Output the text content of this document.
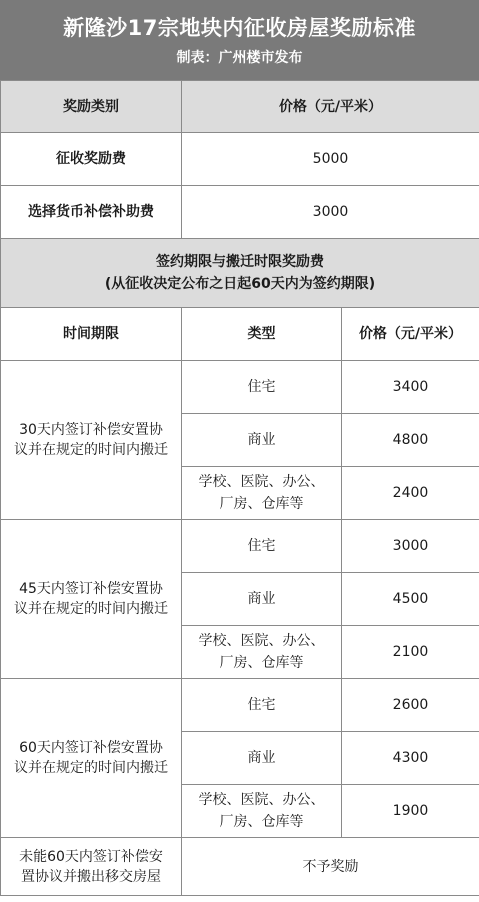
新隆沙17宗地块内征收房屋奖励标准
制表：广州楼市发布
奖励类别	价格（元/平米）	
征收奖励费	5000	
选择货币补偿补助费	3000	

签约期限与搬迁时限奖励费
(从征收决定公布之日起60天内为签约期限)		

时间期限	类型	价格（元/平米）

30天内签订补偿安置协
议并在规定的时间内搬迁	住宅	3400
	商业	4800

	学校、医院、办公、
厂房、仓库等	2400

45天内签订补偿安置协
议并在规定的时间内搬迁	住宅	3000
	商业	4500

	学校、医院、办公、
厂房、仓库等	2100

60天内签订补偿安置协
议并在规定的时间内搬迁	住宅	2600
	商业	4300

	学校、医院、办公、
厂房、仓库等	1900

未能60天内签订补偿安
置协议并搬出移交房屋	不予奖励	
